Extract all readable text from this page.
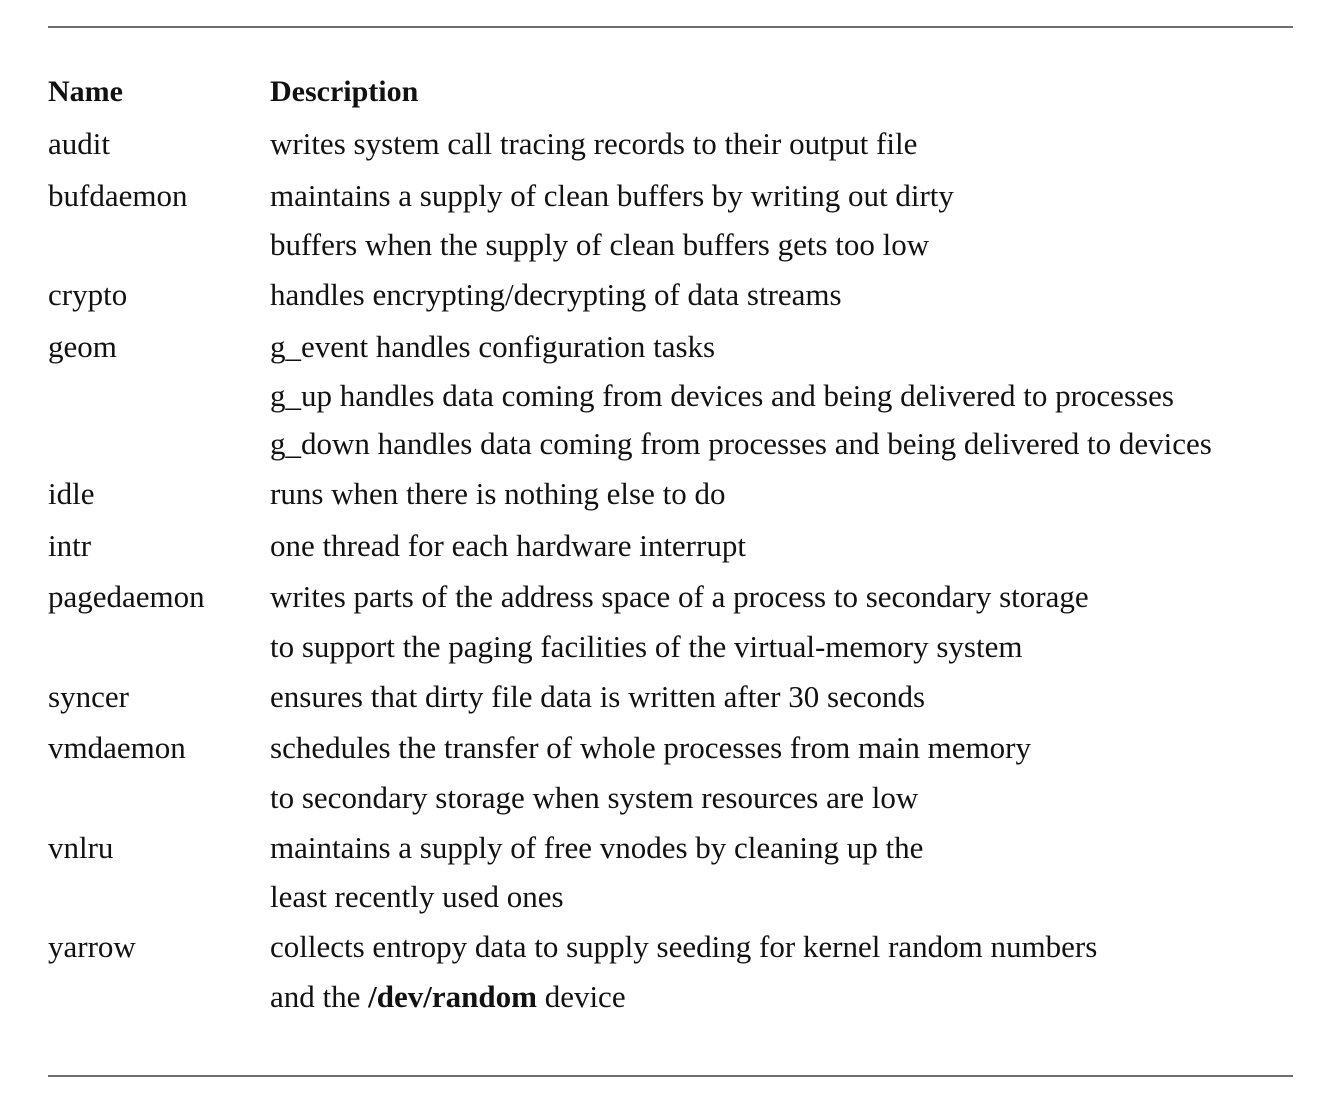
Name	Description
audit	writes system call tracing records to their output file
bufdaemon	maintains a supply of clean buffers by writing out dirty
buffers when the supply of clean buffers gets too low
crypto	handles encrypting/decrypting of data streams
geom	g_event handles configuration tasks
g_up handles data coming from devices and being delivered to processes
g_down handles data coming from processes and being delivered to devices
idle	runs when there is nothing else to do
intr	one thread for each hardware interrupt
pagedaemon	writes parts of the address space of a process to secondary storage
to support the paging facilities of the virtual-memory system
syncer	ensures that dirty file data is written after 30 seconds
vmdaemon	schedules the transfer of whole processes from main memory
to secondary storage when system resources are low
vnlru	maintains a supply of free vnodes by cleaning up the
least recently used ones
yarrow	collects entropy data to supply seeding for kernel random numbers
and the /dev/random device
